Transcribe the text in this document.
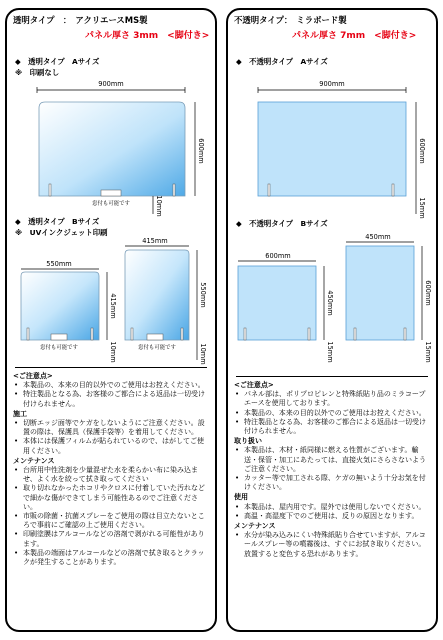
透明タイプ　：　アクリエースMS製
パネル厚さ 3mm　<脚付き>
◆　透明タイプ　Aサイズ
※　印刷なし
900mm
窓付も可能です
600mm
10mm
◆　透明タイプ　Bサイズ
※　UVインクジェット印刷
415mm
窓付も可能です
550mm
10mm
550mm
窓付も可能です
415mm
10mm
<ご注意点>
• 本製品の、本来の目的以外でのご使用はお控えください。
• 特注製品となる為、お客様のご都合による返品は一切受け付けられません。
施工
• 切断エッジ面等でケガをしないようにご注意ください。設置の際は、保護具（保護手袋等）を着用してください。
• 本体には保護フィルムが貼られているので、はがしてご使用ください。
メンテナンス
• 台所用中性洗剤を少量混ぜた水を柔らかい布に染み込ませ、よく水を絞って拭き取ってください
• 取り切れなかったホコリやクロスに付着していた汚れなどで細かな傷ができてしまう可能性あるのでご注意ください。
• 市販の除菌・抗菌スプレーをご使用の際は目立たないところで事前にご確認の上ご使用ください。
• 印刷塗膜はアルコールなどの溶剤で剥がれる可能性があります。
• 本製品の端面はアルコールなどの溶剤で拭き取るとクラックが発生することがあります。
不透明タイプ：　ミラボード製
パネル厚さ 7mm　<脚付き>
◆　不透明タイプ　Aサイズ
900mm
600mm
15mm
◆　不透明タイプ　Bサイズ
450mm
600mm
15mm
600mm
450mm
15mm
<ご注意点>
• パネル部は、ポリプロピレンと特殊紙貼り品のミラコープエースを使用しております。
• 本製品の、本来の目的以外でのご使用はお控えください。
• 特注製品となる為、お客様のご都合による返品は一切受け付けられません。
取り扱い
• 本製品は、木材・紙同様に燃える性質がございます。輸送・保管・加工にあたっては、直接火気にさらさないようご注意ください。
• カッター等で加工される際、ケガの無いよう十分お気を付けください。
使用
• 本製品は、屋内用です。屋外では使用しないでください。
• 高温・高湿度下でのご使用は、反りの原因となります。
メンテナンス
• 水分が染み込みにくい特殊紙貼り合せていますが、アルコールスプレー等の噴霧後は、すぐにお拭き取りください。放置すると変色する恐れがあります。
